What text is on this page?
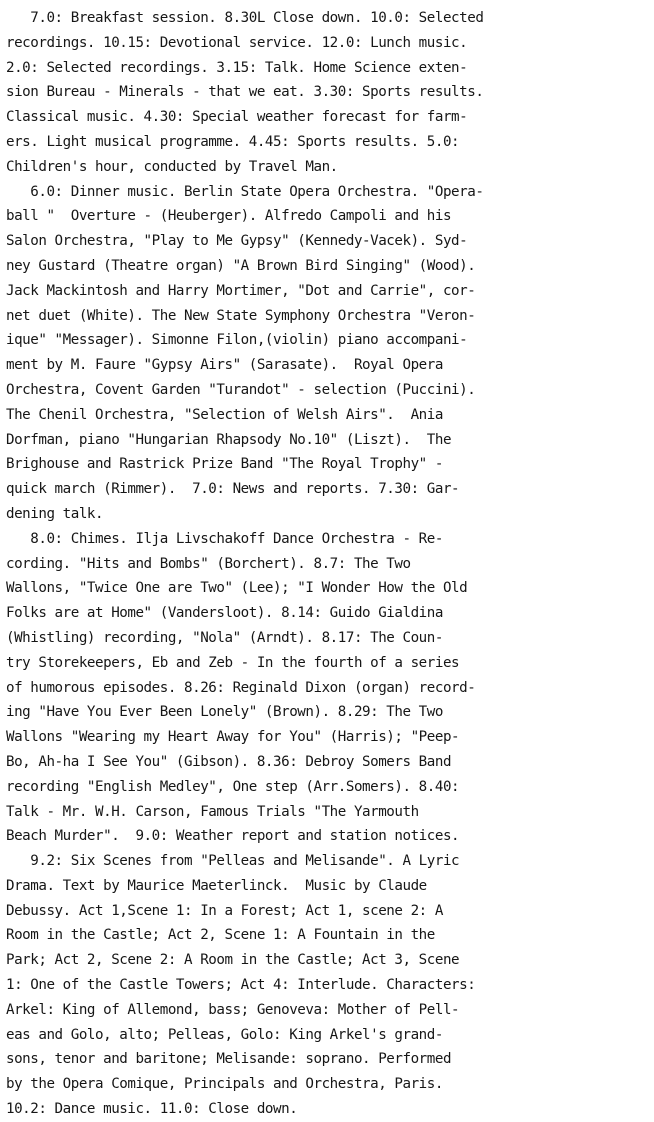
7.0: Breakfast session. 8.30L Close down. 10.0: Selected
recordings. 10.15: Devotional service. 12.0: Lunch music.
2.0: Selected recordings. 3.15: Talk. Home Science exten-
sion Bureau - Minerals - that we eat. 3.30: Sports results.
Classical music. 4.30: Special weather forecast for farm-
ers. Light musical programme. 4.45: Sports results. 5.0:
Children's hour, conducted by Travel Man.
6.0: Dinner music. Berlin State Opera Orchestra. "Opera-
ball "  Overture - (Heuberger). Alfredo Campoli and his
Salon Orchestra, "Play to Me Gypsy" (Kennedy-Vacek). Syd-
ney Gustard (Theatre organ) "A Brown Bird Singing" (Wood).
Jack Mackintosh and Harry Mortimer, "Dot and Carrie", cor-
net duet (White). The New State Symphony Orchestra "Veron-
ique" "Messager). Simonne Filon,(violin) piano accompani-
ment by M. Faure "Gypsy Airs" (Sarasate).  Royal Opera
Orchestra, Covent Garden "Turandot" - selection (Puccini).
The Chenil Orchestra, "Selection of Welsh Airs".  Ania
Dorfman, piano "Hungarian Rhapsody No.10" (Liszt).  The
Brighouse and Rastrick Prize Band "The Royal Trophy" -
quick march (Rimmer).  7.0: News and reports. 7.30: Gar-
dening talk.
8.0: Chimes. Ilja Livschakoff Dance Orchestra - Re-
cording. "Hits and Bombs" (Borchert). 8.7: The Two
Wallons, "Twice One are Two" (Lee); "I Wonder How the Old
Folks are at Home" (Vandersloot). 8.14: Guido Gialdina
(Whistling) recording, "Nola" (Arndt). 8.17: The Coun-
try Storekeepers, Eb and Zeb - In the fourth of a series
of humorous episodes. 8.26: Reginald Dixon (organ) record-
ing "Have You Ever Been Lonely" (Brown). 8.29: The Two
Wallons "Wearing my Heart Away for You" (Harris); "Peep-
Bo, Ah-ha I See You" (Gibson). 8.36: Debroy Somers Band
recording "English Medley", One step (Arr.Somers). 8.40:
Talk - Mr. W.H. Carson, Famous Trials "The Yarmouth
Beach Murder".  9.0: Weather report and station notices.
9.2: Six Scenes from "Pelleas and Melisande". A Lyric
Drama. Text by Maurice Maeterlinck.  Music by Claude
Debussy. Act 1,Scene 1: In a Forest; Act 1, scene 2: A
Room in the Castle; Act 2, Scene 1: A Fountain in the
Park; Act 2, Scene 2: A Room in the Castle; Act 3, Scene
1: One of the Castle Towers; Act 4: Interlude. Characters:
Arkel: King of Allemond, bass; Genoveva: Mother of Pell-
eas and Golo, alto; Pelleas, Golo: King Arkel's grand-
sons, tenor and baritone; Melisande: soprano. Performed
by the Opera Comique, Principals and Orchestra, Paris.
10.2: Dance music. 11.0: Close down.
